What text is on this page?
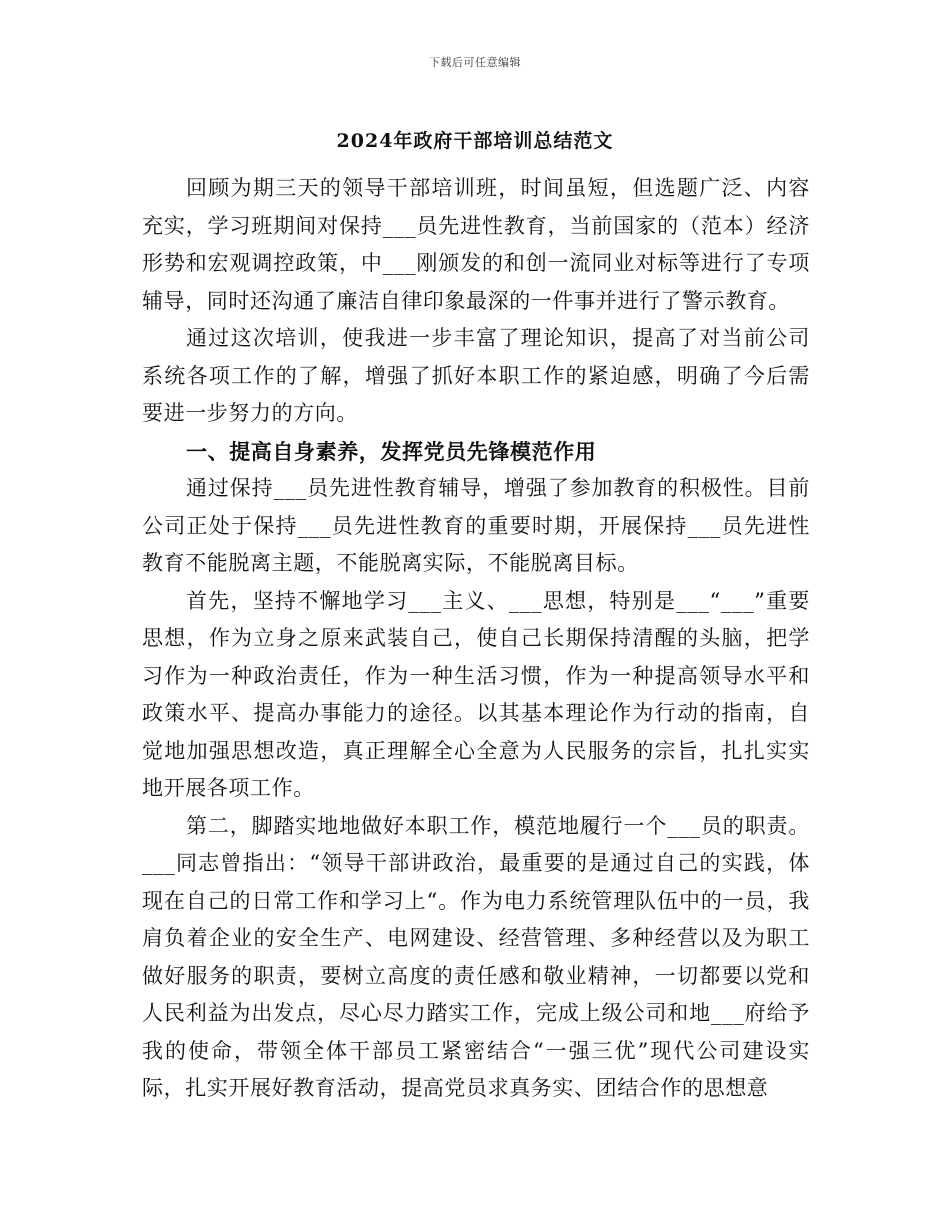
下载后可任意编辑
2024年政府干部培训总结范文

回顾为期三天的领导干部培训班，时间虽短，但选题广泛、内容充实，学习班期间对保持___员先进性教育，当前国家的（范本）经济形势和宏观调控政策，中___刚颁发的和创一流同业对标等进行了专项辅导，同时还沟通了廉洁自律印象最深的一件事并进行了警示教育。

通过这次培训，使我进一步丰富了理论知识，提高了对当前公司系统各项工作的了解，增强了抓好本职工作的紧迫感，明确了今后需要进一步努力的方向。

一、提高自身素养，发挥党员先锋模范作用

通过保持___员先进性教育辅导，增强了参加教育的积极性。目前公司正处于保持___员先进性教育的重要时期，开展保持___员先进性教育不能脱离主题，不能脱离实际，不能脱离目标。

首先，坚持不懈地学习___主义、___思想，特别是___“___”重要思想，作为立身之原来武装自己，使自己长期保持清醒的头脑，把学习作为一种政治责任，作为一种生活习惯，作为一种提高领导水平和政策水平、提高办事能力的途径。以其基本理论作为行动的指南，自觉地加强思想改造，真正理解全心全意为人民服务的宗旨，扎扎实实地开展各项工作。

第二，脚踏实地地做好本职工作，模范地履行一个___员的职责。___同志曾指出：“领导干部讲政治，最重要的是通过自己的实践，体现在自己的日常工作和学习上“。作为电力系统管理队伍中的一员，我肩负着企业的安全生产、电网建设、经营管理、多种经营以及为职工做好服务的职责，要树立高度的责任感和敬业精神，一切都要以党和人民利益为出发点，尽心尽力踏实工作，完成上级公司和地___府给予我的使命，带领全体干部员工紧密结合“一强三优”现代公司建设实际，扎实开展好教育活动，提高党员求真务实、团结合作的思想意
